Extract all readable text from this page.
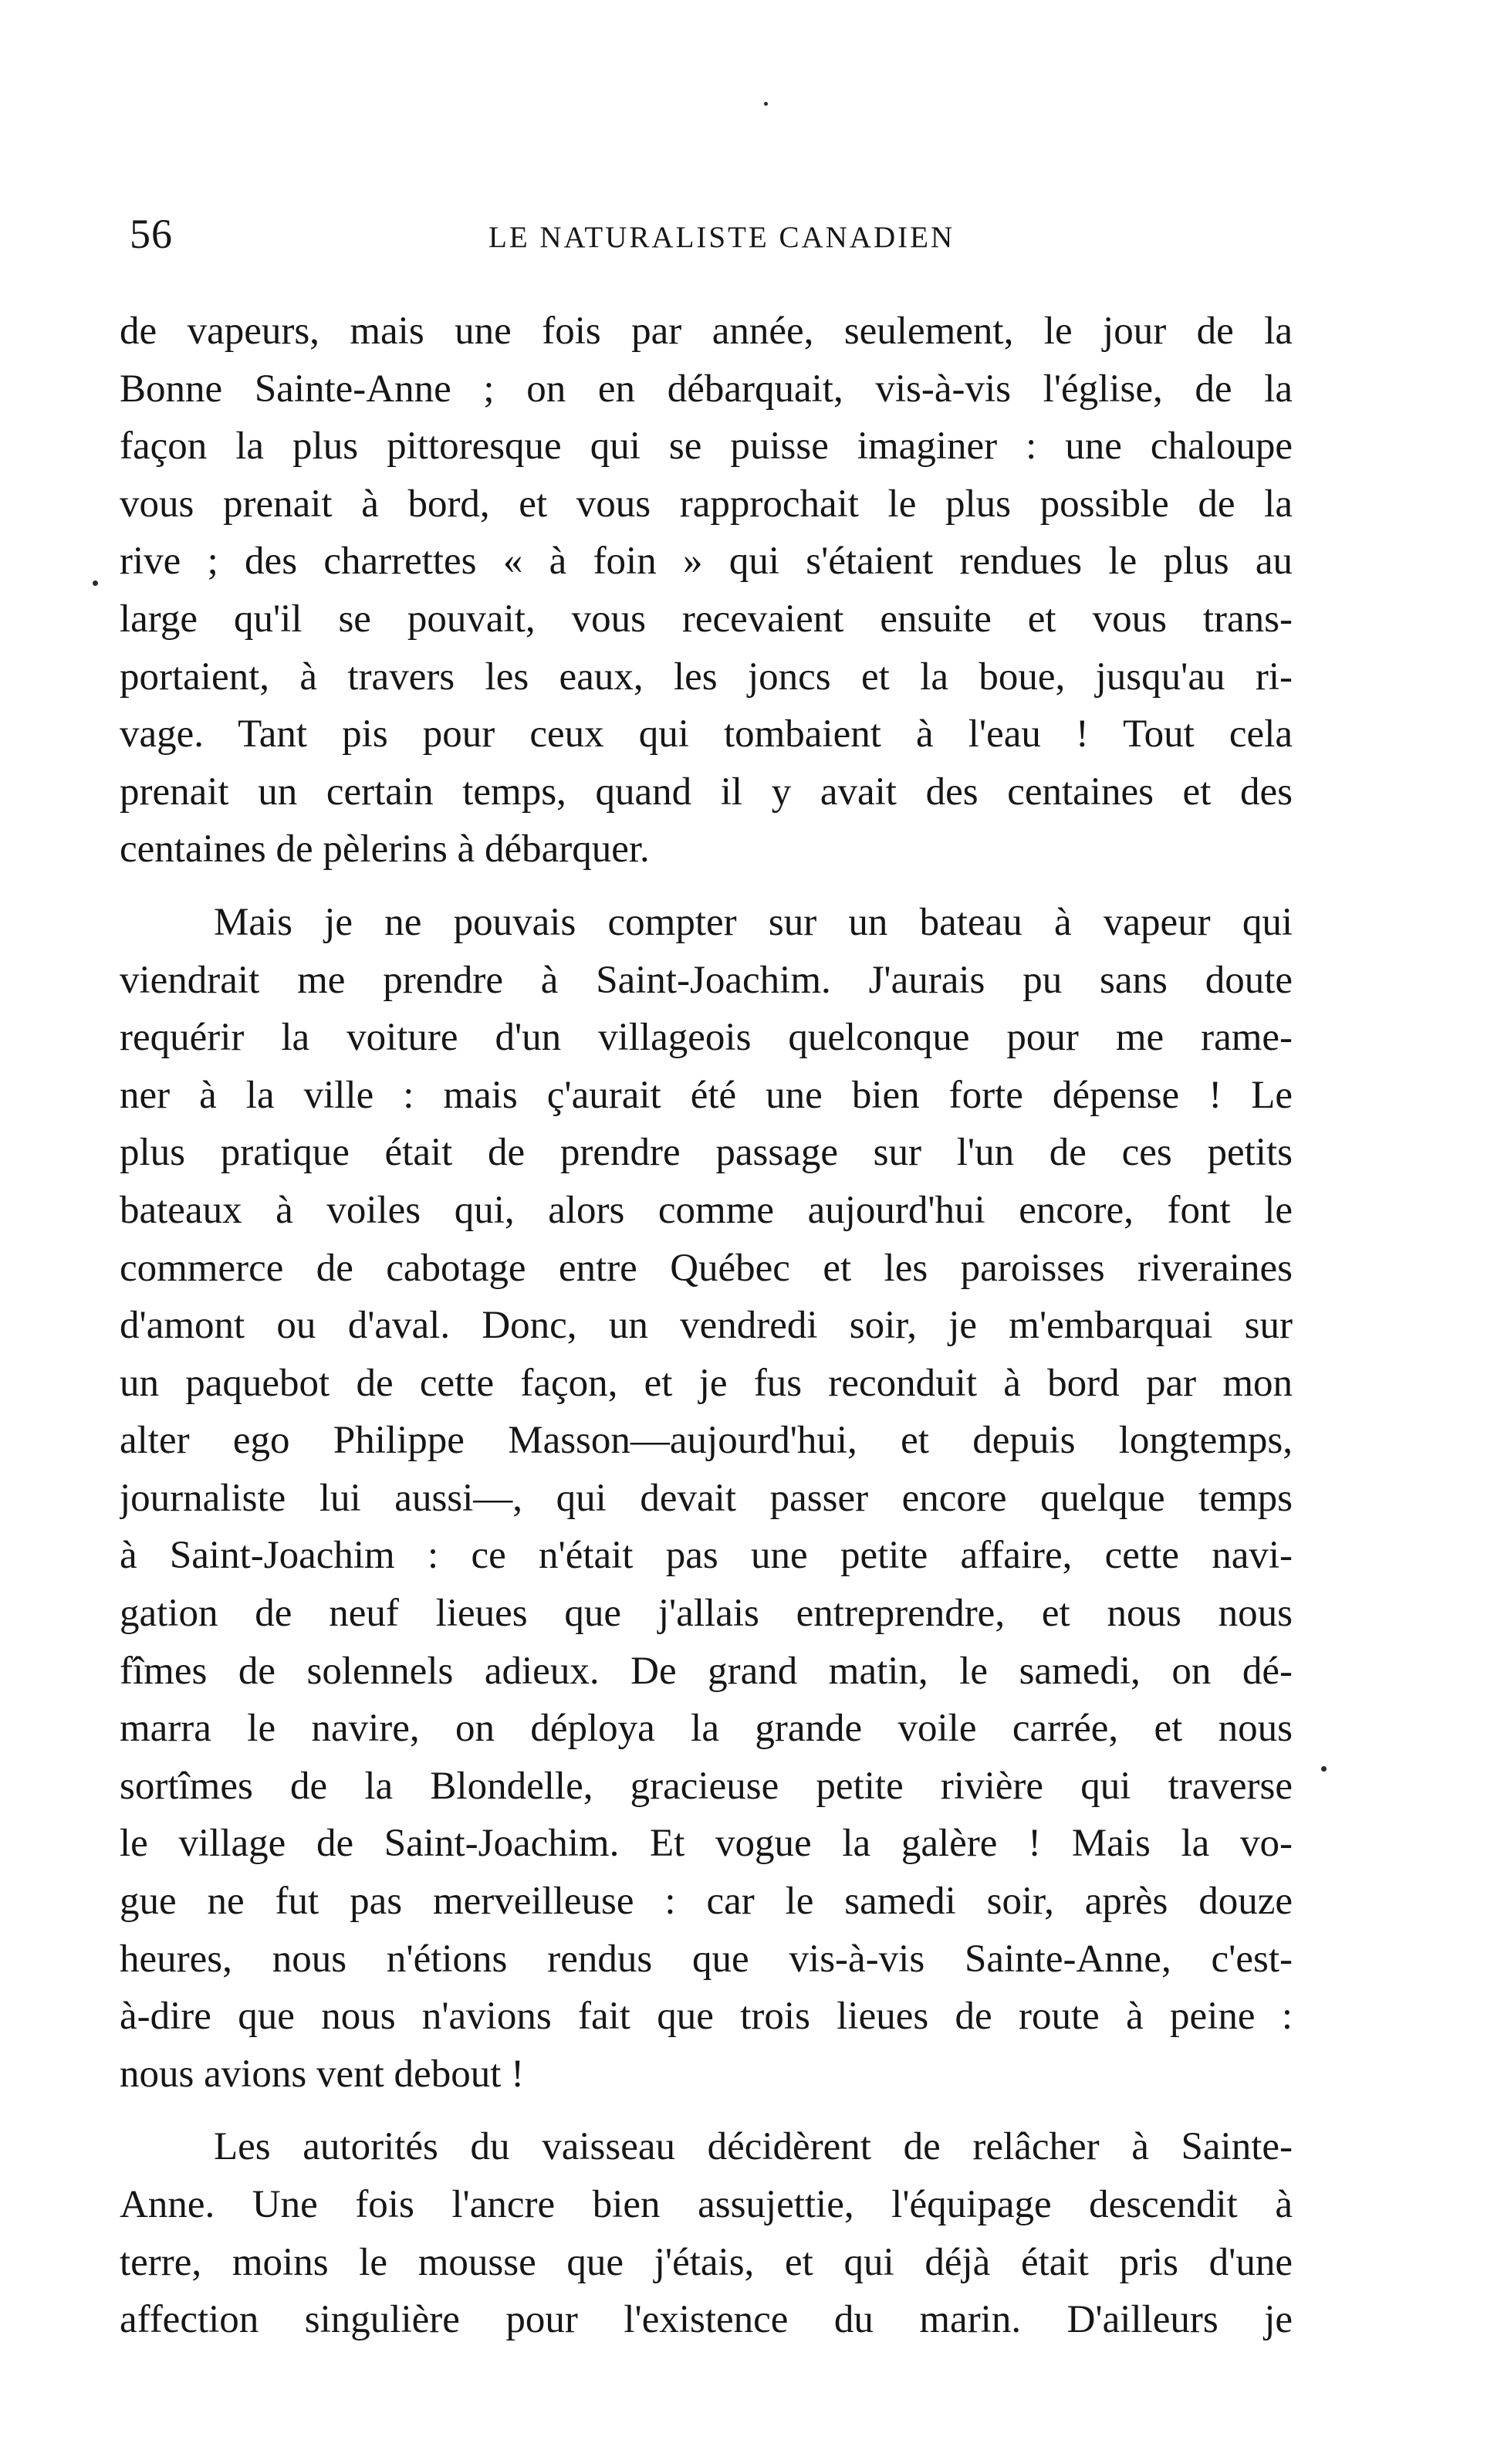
56	LE NATURALISTE CANADIEN
de vapeurs, mais une fois par année, seulement, le jour de la
Bonne Sainte-Anne ; on en débarquait, vis-à-vis l'église, de la
façon la plus pittoresque qui se puisse imaginer : une chaloupe
vous prenait à bord, et vous rapprochait le plus possible de la
rive ; des charrettes « à foin » qui s'étaient rendues le plus au
large qu'il se pouvait, vous recevaient ensuite et vous trans-
portaient, à travers les eaux, les joncs et la boue, jusqu'au ri-
vage. Tant pis pour ceux qui tombaient à l'eau ! Tout cela
prenait un certain temps, quand il y avait des centaines et des
centaines de pèlerins à débarquer.
Mais je ne pouvais compter sur un bateau à vapeur qui
viendrait me prendre à Saint-Joachim. J'aurais pu sans doute
requérir la voiture d'un villageois quelconque pour me rame-
ner à la ville : mais ç'aurait été une bien forte dépense ! Le
plus pratique était de prendre passage sur l'un de ces petits
bateaux à voiles qui, alors comme aujourd'hui encore, font le
commerce de cabotage entre Québec et les paroisses riveraines
d'amont ou d'aval. Donc, un vendredi soir, je m'embarquai sur
un paquebot de cette façon, et je fus reconduit à bord par mon
alter ego Philippe Masson—aujourd'hui, et depuis longtemps,
journaliste lui aussi—, qui devait passer encore quelque temps
à Saint-Joachim : ce n'était pas une petite affaire, cette navi-
gation de neuf lieues que j'allais entreprendre, et nous nous
fîmes de solennels adieux. De grand matin, le samedi, on dé-
marra le navire, on déploya la grande voile carrée, et nous
sortîmes de la Blondelle, gracieuse petite rivière qui traverse
le village de Saint-Joachim. Et vogue la galère ! Mais la vo-
gue ne fut pas merveilleuse : car le samedi soir, après douze
heures, nous n'étions rendus que vis-à-vis Sainte-Anne, c'est-
à-dire que nous n'avions fait que trois lieues de route à peine :
nous avions vent debout !
Les autorités du vaisseau décidèrent de relâcher à Sainte-
Anne. Une fois l'ancre bien assujettie, l'équipage descendit à
terre, moins le mousse que j'étais, et qui déjà était pris d'une
affection singulière pour l'existence du marin. D'ailleurs je
